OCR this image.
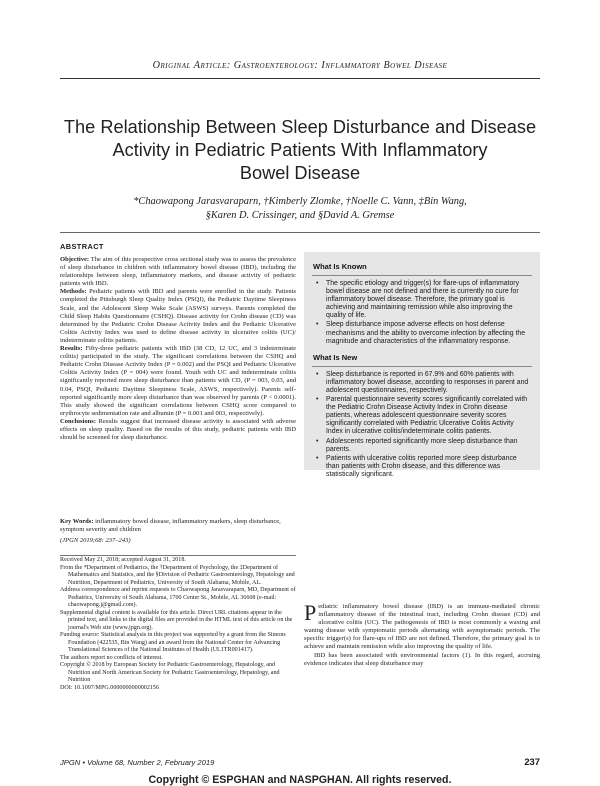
Original Article: Gastroenterology: Inflammatory Bowel Disease
The Relationship Between Sleep Disturbance and Disease
Activity in Pediatric Patients With Inflammatory
Bowel Disease
*Chaowapong Jarasvaraparn, †Kimberly Zlomke, †Noelle C. Vann, ‡Bin Wang,
§Karen D. Crissinger, and §David A. Gremse
ABSTRACT

Objective: The aim of this prospective cross sectional study was to assess the prevalence of sleep disturbance in children with inflammatory bowel disease (IBD), including the relationships between sleep, inflammatory markers, and disease activity of pediatric patients with IBD.

Methods: Pediatric patients with IBD and parents were enrolled in the study. Patients completed the Pittsburgh Sleep Quality Index (PSQI), the Pediatric Daytime Sleepiness Scale, and the Adolescent Sleep Wake Scale (ASWS) surveys. Parents completed the Child Sleep Habits Questionnaire (CSHQ). Disease activity for Crohn disease (CD) was determined by the Pediatric Crohn Disease Activity Index and the Pediatric Ulcerative Colitis Activity Index was used to define disease activity in ulcerative colitis (UC)/ indeterminate colitis patients.

Results: Fifty-three pediatric patients with IBD (38 CD, 12 UC, and 3 indeterminate colitis) participated in the study. The significant correlations between the CSHQ and Pediatric Crohn Disease Activity Index (P = 0.002) and the PSQI and Pediatric Ulcerative Colitis Activity Index (P = 004) were found. Youth with UC and indeterminate colitis significantly reported more sleep disturbance than patients with CD, (P = 003, 0.03, and 0.04, PSQI, Pediatric Daytime Sleepiness Scale, ASWS, respectively). Parents self-reported significantly more sleep disturbance than was observed by parents (P < 0.0001). This study showed the significant correlations between CSHQ score compared to erythrocyte sedimentation rate and albumin (P = 0.001 and 003, respectively).

Conclusions: Results suggest that increased disease activity is associated with adverse effects on sleep quality. Based on the results of this study, pediatric patients with IBD should be screened for sleep disturbance.

Key Words: inflammatory bowel disease, inflammatory markers, sleep disturbance, symptom severity and children

(JPGN 2019;68: 237–243)

Received May 21, 2018; accepted August 31, 2018.

From the *Department of Pediatrics, the †Department of Psychology, the ‡Department of Mathematics and Statistics, and the §Division of Pediatric Gastroenterology, Hepatology and Nutrition, Department of Pediatrics, University of South Alabama, Mobile, AL.

Address correspondence and reprint requests to Chaowapong Jarasvaraparn, MD, Department of Pediatrics, University of South Alabama, 1700 Center St., Mobile, AL 36608 (e-mail: chaowapong.j@gmail.com).

Supplemental digital content is available for this article. Direct URL citations appear in the printed text, and links to the digital files are provided in the HTML text of this article on the journal's Web site (www.jpgn.org).

Funding source: Statistical analysis in this project was supported by a grant from the Simons Foundation (422535, Bin Wang) and an award from the National Center for Advancing Translational Sciences of the National Institutes of Health (UL1TR001417).

The authors report no conflicts of interest.

Copyright © 2018 by European Society for Pediatric Gastroenterology, Hepatology, and Nutrition and North American Society for Pediatric Gastroenterology, Hepatology, and Nutrition

DOI: 10.1097/MPG.0000000000002156

What Is Known
• The specific etiology and trigger(s) for flare-ups of inflammatory bowel disease are not defined and there is currently no cure for inflammatory bowel disease. Therefore, the primary goal is achieving and maintaining remission while also improving the quality of life.
• Sleep disturbance impose adverse effects on host defense mechanisms and the ability to overcome infection by affecting the magnitude and characteristics of the inflammatory response.
What Is New
• Sleep disturbance is reported in 67.9% and 60% patients with inflammatory bowel disease, according to responses in parent and adolescent questionnaires, respectively.
• Parental questionnaire severity scores significantly correlated with the Pediatric Crohn Disease Activity Index in Crohn disease patients, whereas adolescent questionnaire severity scores significantly correlated with Pediatric Ulcerative Colitis Activity Index in ulcerative colitis/indeterminate colitis patients.
• Adolescents reported significantly more sleep disturbance than parents.
• Patients with ulcerative colitis reported more sleep disturbance than patients with Crohn disease, and this difference was statistically significant.

Pediatric inflammatory bowel disease (IBD) is an immune-mediated chronic inflammatory disease of the intestinal tract, including Crohn disease (CD) and ulcerative colitis (UC). The pathogenesis of IBD is most commonly a waxing and waning disease with symptomatic periods alternating with asymptomatic periods. The specific trigger(s) for flare-ups of IBD are not defined. Therefore, the primary goal is to achieve and maintain remission while also improving the quality of life.

IBD has been associated with environmental factors (1). In this regard, accruing evidence indicates that sleep disturbance may

JPGN • Volume 68, Number 2, February 2019	237
Copyright © ESPGHAN and NASPGHAN. All rights reserved.
